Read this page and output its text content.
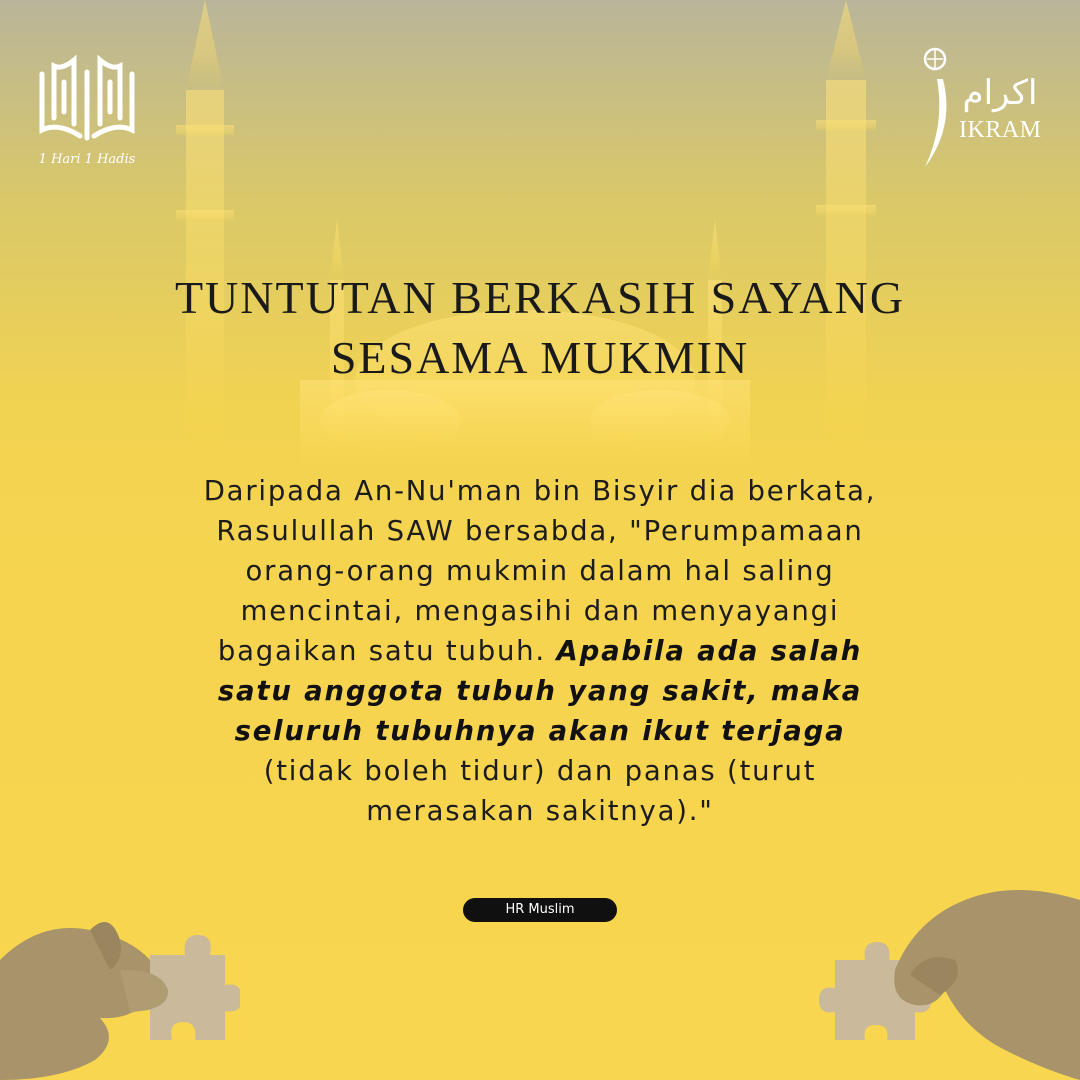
1 Hari 1 Hadis
اكرام
IKRAM
TUNTUTAN BERKASIH SAYANG
SESAMA MUKMIN

Daripada An-Nu'man bin Bisyir dia berkata,
Rasulullah SAW bersabda, "Perumpamaan
orang-orang mukmin dalam hal saling
mencintai, mengasihi dan menyayangi
bagaikan satu tubuh. Apabila ada salah
satu anggota tubuh yang sakit, maka
seluruh tubuhnya akan ikut terjaga
(tidak boleh tidur) dan panas (turut
merasakan sakitnya)."

HR Muslim
